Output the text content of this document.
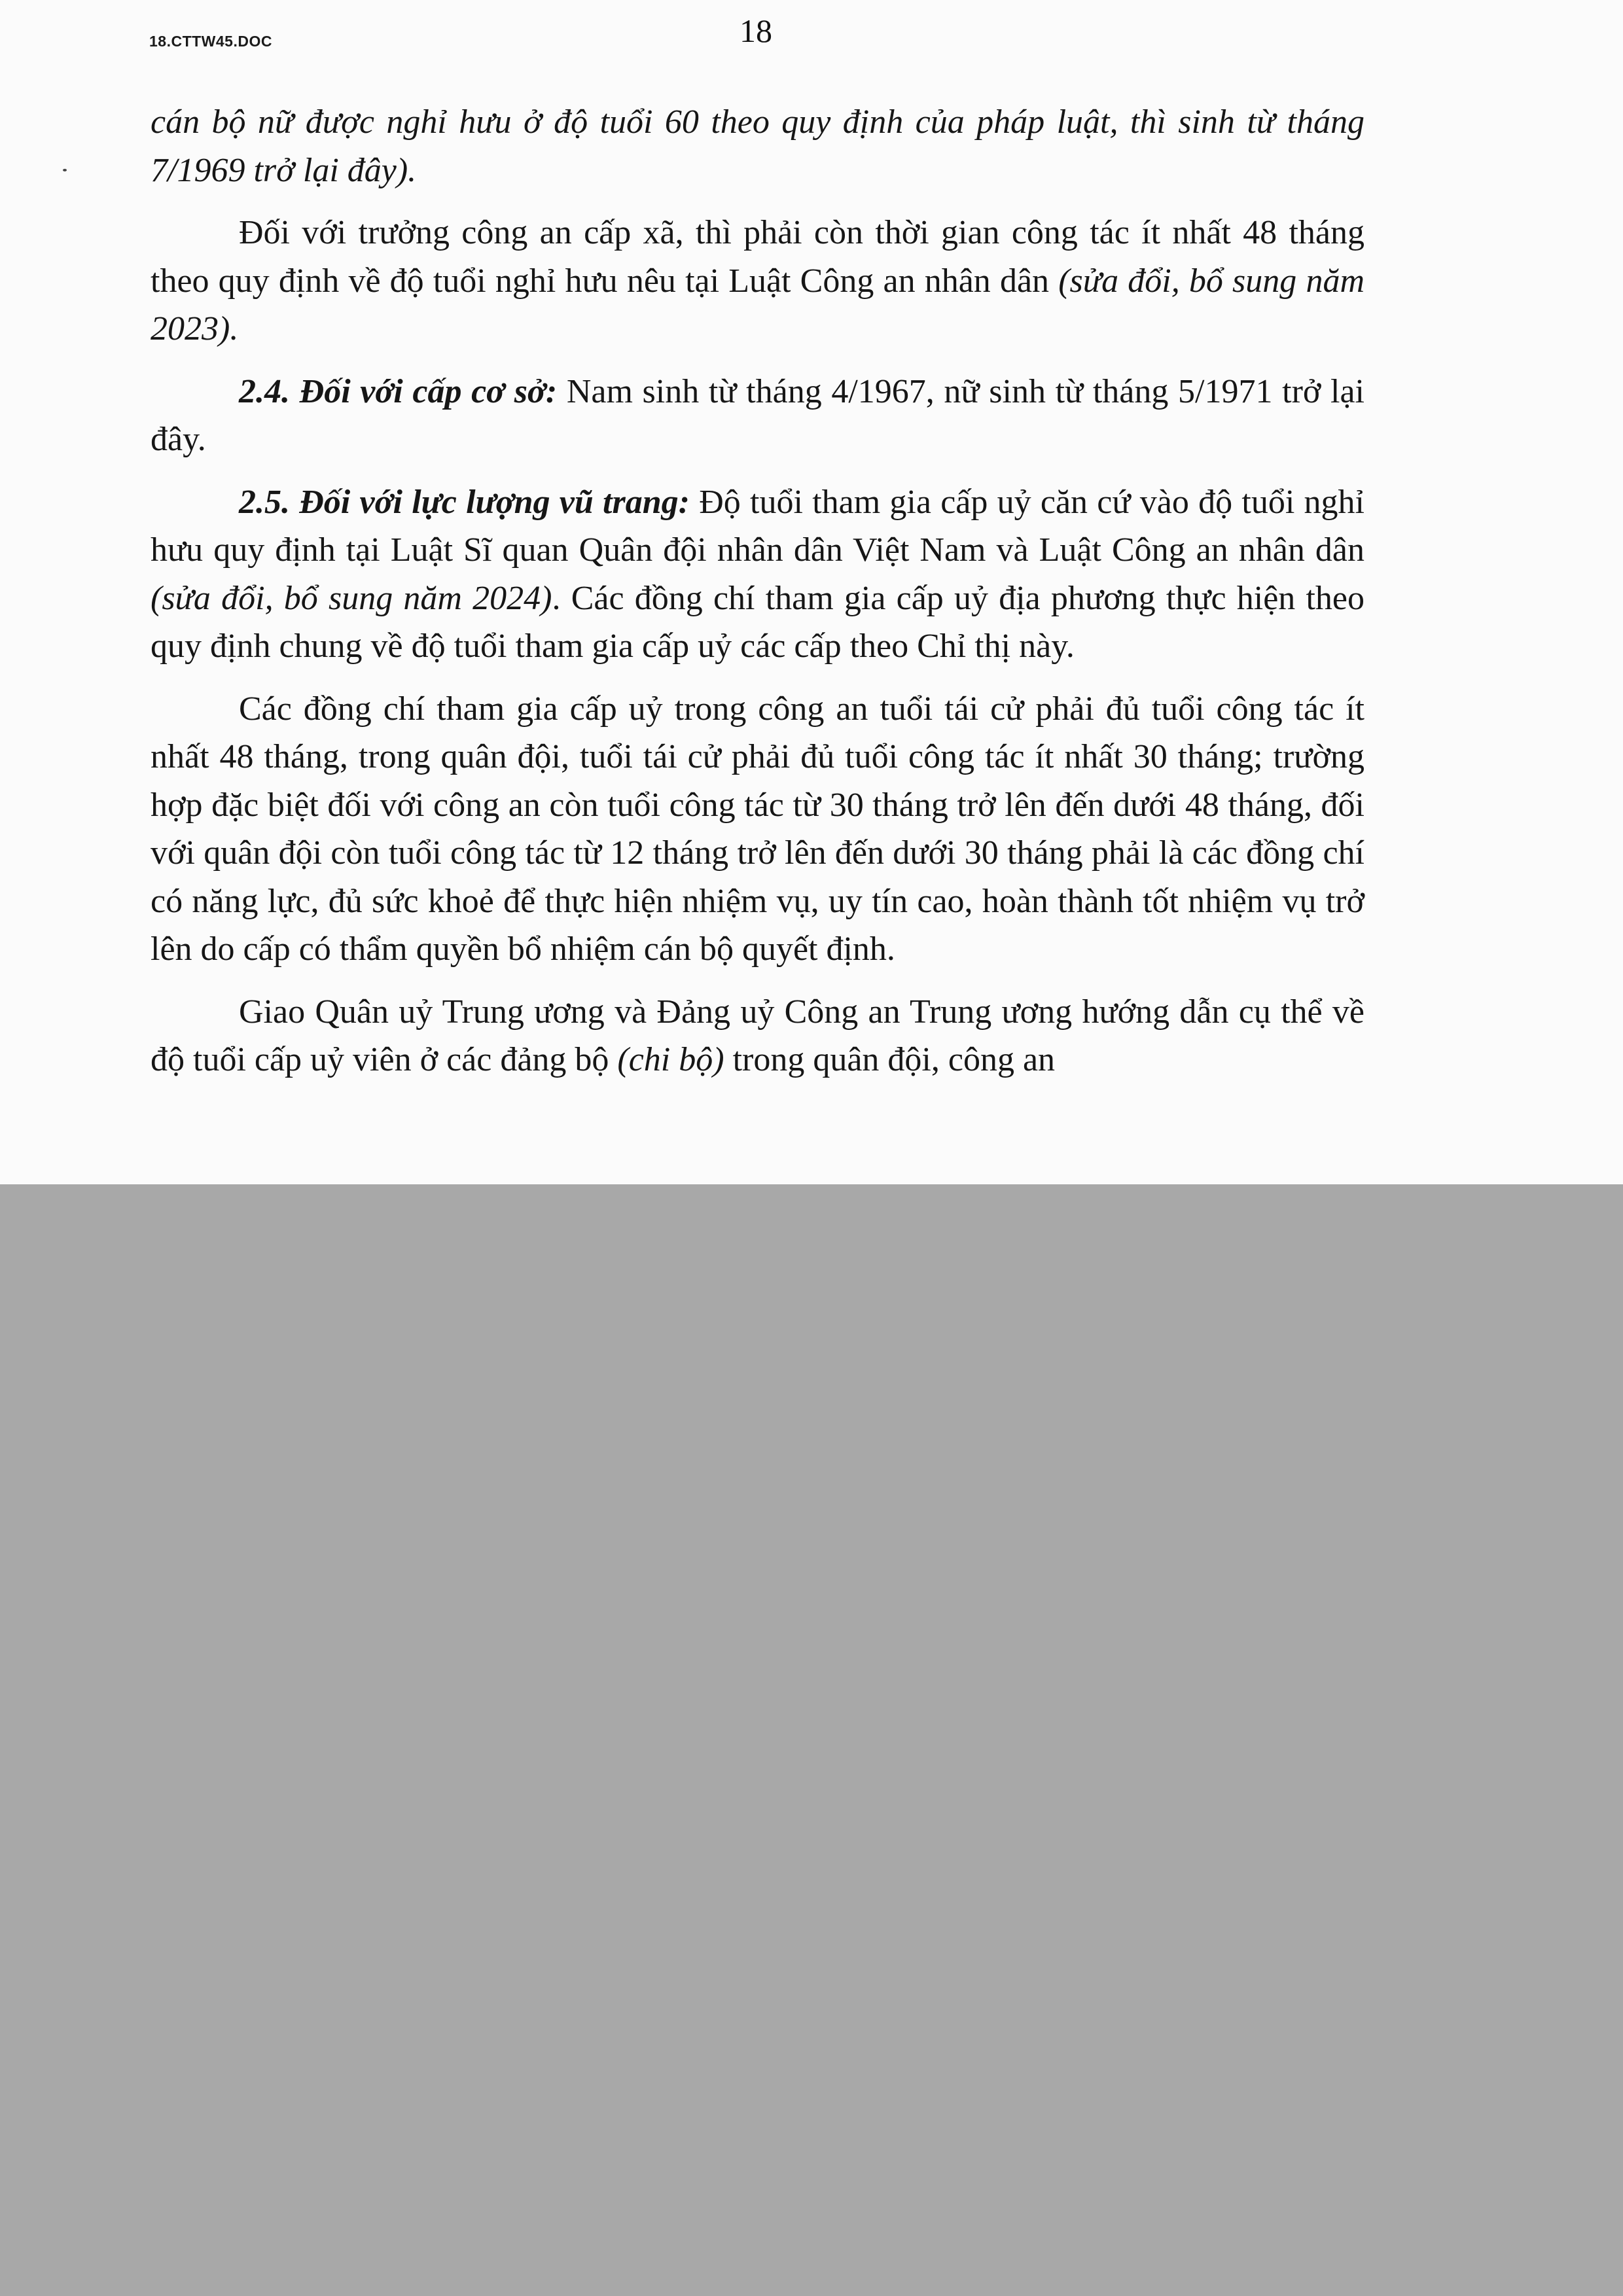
18.CTTW45.DOC	18

cán bộ nữ được nghỉ hưu ở độ tuổi 60 theo quy định của pháp luật, thì sinh từ tháng 7/1969 trở lại đây).

Đối với trưởng công an cấp xã, thì phải còn thời gian công tác ít nhất 48 tháng theo quy định về độ tuổi nghỉ hưu nêu tại Luật Công an nhân dân (sửa đổi, bổ sung năm 2023).

2.4. Đối với cấp cơ sở: Nam sinh từ tháng 4/1967, nữ sinh từ tháng 5/1971 trở lại đây.

2.5. Đối với lực lượng vũ trang: Độ tuổi tham gia cấp uỷ căn cứ vào độ tuổi nghỉ hưu quy định tại Luật Sĩ quan Quân đội nhân dân Việt Nam và Luật Công an nhân dân (sửa đổi, bổ sung năm 2024). Các đồng chí tham gia cấp uỷ địa phương thực hiện theo quy định chung về độ tuổi tham gia cấp uỷ các cấp theo Chỉ thị này.

Các đồng chí tham gia cấp uỷ trong công an tuổi tái cử phải đủ tuổi công tác ít nhất 48 tháng, trong quân đội, tuổi tái cử phải đủ tuổi công tác ít nhất 30 tháng; trường hợp đặc biệt đối với công an còn tuổi công tác từ 30 tháng trở lên đến dưới 48 tháng, đối với quân đội còn tuổi công tác từ 12 tháng trở lên đến dưới 30 tháng phải là các đồng chí có năng lực, đủ sức khoẻ để thực hiện nhiệm vụ, uy tín cao, hoàn thành tốt nhiệm vụ trở lên do cấp có thẩm quyền bổ nhiệm cán bộ quyết định.

Giao Quân uỷ Trung ương và Đảng uỷ Công an Trung ương hướng dẫn cụ thể về độ tuổi cấp uỷ viên ở các đảng bộ (chi bộ) trong quân đội, công an
